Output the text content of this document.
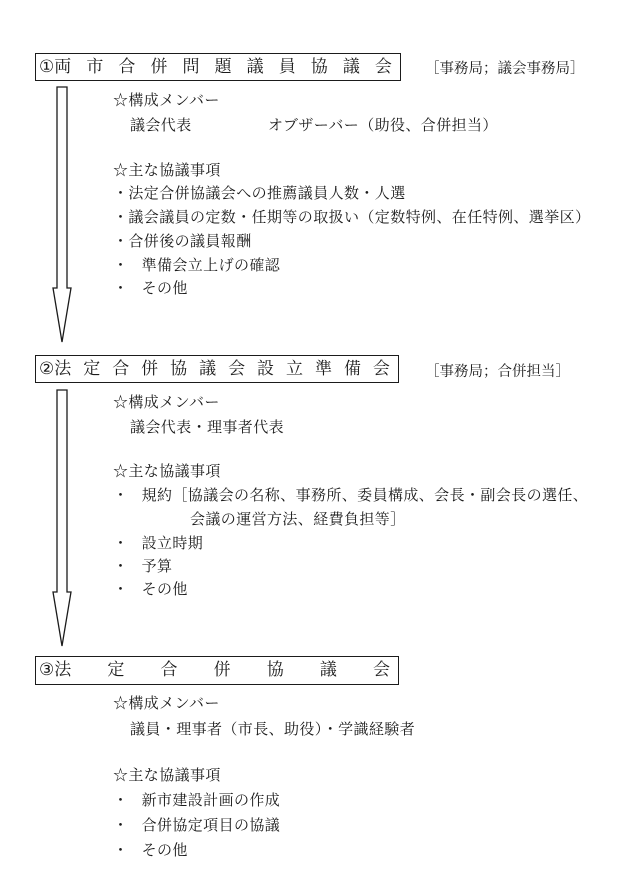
① 両 市 合 併 問 題 議 員 協 議 会 ［事務局；議会事務局］
☆構成メンバー
議会代表	オブザーバー（助役、合併担当）
☆主な協議事項
・法定合併協議会への推薦議員人数・人選
・議会議員の定数・任期等の取扱い（定数特例、在任特例、選挙区）
・合併後の議員報酬
・ 準備会立上げの確認
・ その他
② 法 定 合 併 協 議 会 設 立 準 備 会 ［事務局；合併担当］
☆構成メンバー
議会代表・理事者代表
☆主な協議事項
・ 規約［協議会の名称、事務所、委員構成、会長・副会長の選任、
会議の運営方法、経費負担等］
・ 設立時期
・ 予算
・ その他
③ 法 定 合 併 協 議 会
☆構成メンバー
議員・理事者（市長、助役）・学識経験者
☆主な協議事項
・ 新市建設計画の作成
・ 合併協定項目の協議
・ その他
